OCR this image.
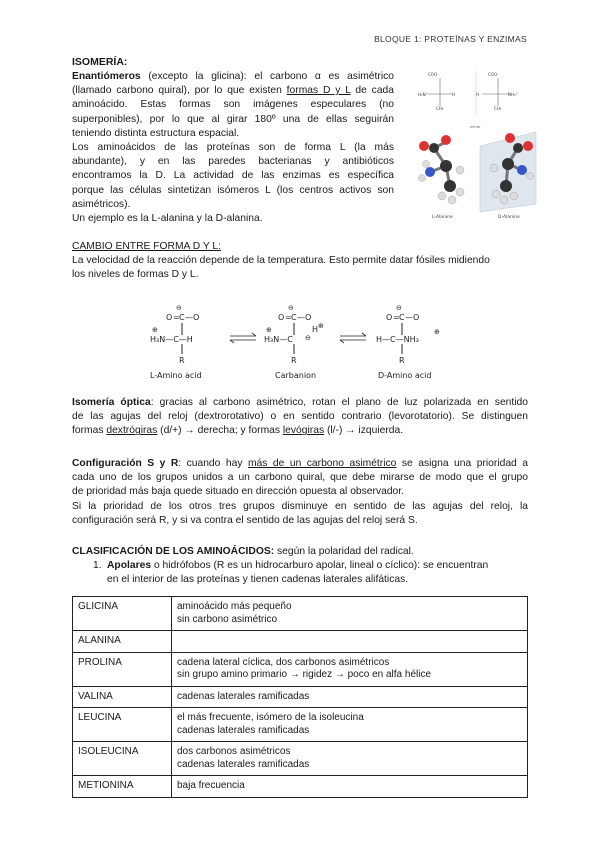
BLOQUE 1: PROTEÍNAS Y ENZIMAS
ISOMERÍA:
Enantiómeros (excepto la glicina): el carbono α es asimétrico
(llamado carbono quiral), por lo que existen formas D y L de cada
aminoácido. Estas formas son imágenes especulares (no
superponibles), por lo que al girar 180º una de ellas seguirán
teniendo distinta estructura espacial.
Los aminoácidos de las proteínas son de forma L (la más
abundante), y en las paredes bacterianas y antibióticos
encontramos la D. La actividad de las enzimas es específica
porque las células sintetizan isómeros L (los centros activos son
asimétricos).
Un ejemplo es la L-alanina y la D-alanina.
COO⁻
H₃N⁺	H
CH₃
COO⁻
H	NH₃⁺
CH₃
L-Alanine	D-Alanine
mirror
CAMBIO ENTRE FORMA D Y L:
La velocidad de la reacción depende de la temperatura. Esto permite datar fósiles midiendo
los niveles de formas D y L.
⊖
O = C — O
⊕
H₃N—C—H
R
⊖
O = C — O
⊕
H₃N—C ⊖
H ⊕
R
⊖
O = C — O
H—C—NH₃
⊕
R
L-Amino acid	Carbanion	D-Amino acid
Isomería óptica: gracias al carbono asimétrico, rotan el plano de luz polarizada en sentido
de las agujas del reloj (dextrorotativo) o en sentido contrario (levorotatorio). Se distinguen
formas dextrógiras (d/+) → derecha; y formas levógiras (l/-) → izquierda.
Configuración S y R: cuando hay más de un carbono asimétrico se asigna una prioridad a
cada uno de los grupos unidos a un carbono quiral, que debe mirarse de modo que el grupo
de prioridad más baja quede situado en dirección opuesta al observador.
Si la prioridad de los otros tres grupos disminuye en sentido de las agujas del reloj, la
configuración será R, y si va contra el sentido de las agujas del reloj será S.
CLASIFICACIÓN DE LOS AMINOÁCIDOS: según la polaridad del radical.
1. Apolares o hidrófobos (R es un hidrocarburo apolar, lineal o cíclico): se encuentran
en el interior de las proteínas y tienen cadenas laterales alifáticas.
GLICINA	aminoácido más pequeño
sin carbono asimétrico

ALANINA	

PROLINA	cadena lateral cíclica, dos carbonos asimétricos
sin grupo amino primario → rigidez → poco en alfa hélice

VALINA	cadenas laterales ramificadas

LEUCINA	el más frecuente, isómero de la isoleucina
cadenas laterales ramificadas

ISOLEUCINA	dos carbonos asimétricos
cadenas laterales ramificadas

METIONINA	baja frecuencia
